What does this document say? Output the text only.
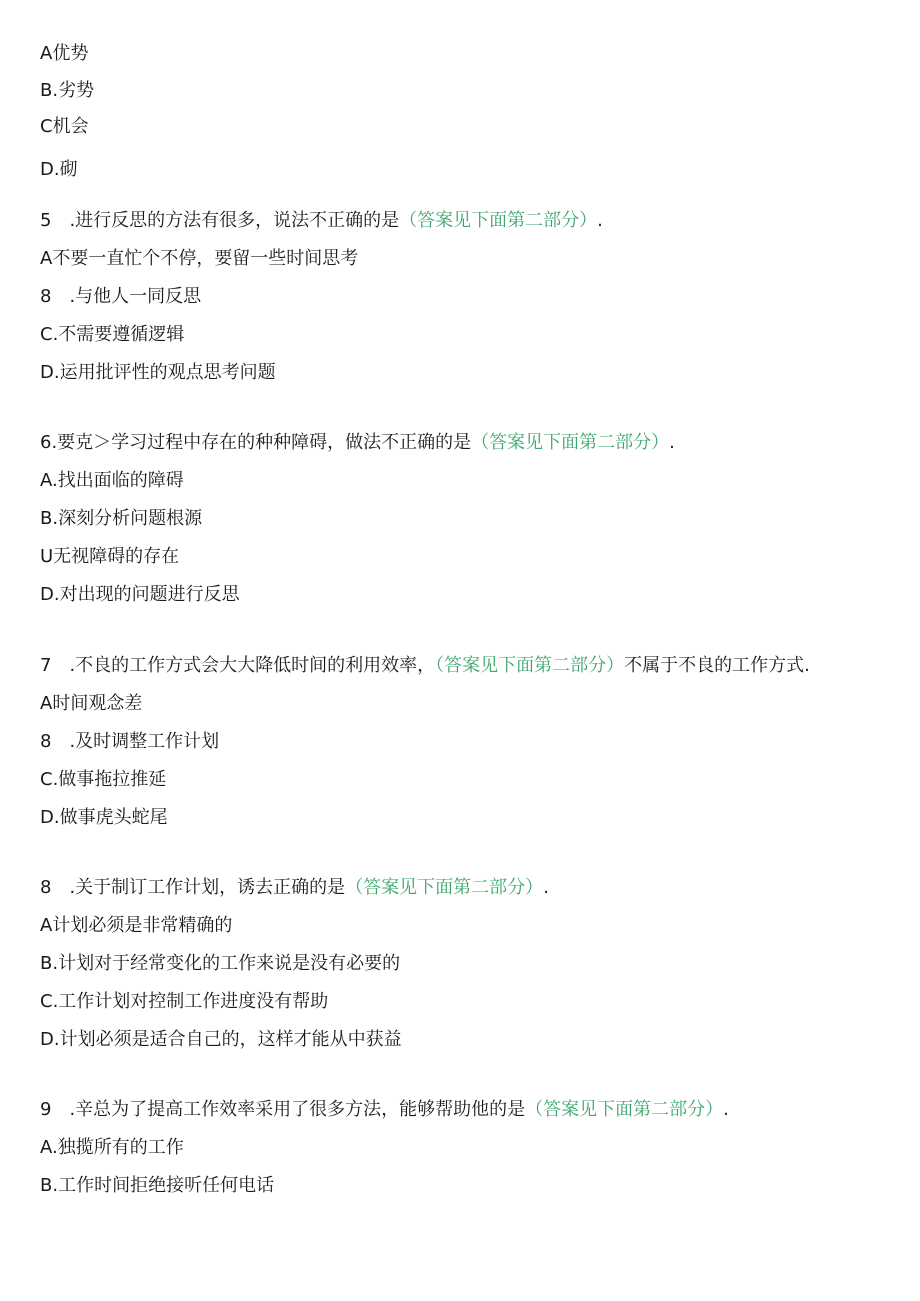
A优势
B.劣势
C机会
D.砌
5　.进行反思的方法有很多，说法不正确的是（答案见下面第二部分）.
A不要一直忙个不停，要留一些时间思考
8　.与他人一同反思
C.不需要遵循逻辑
D.运用批评性的观点思考问题
6.要克＞学习过程中存在的种种障碍，做法不正确的是（答案见下面第二部分）.
A.找出面临的障碍
B.深刻分析问题根源
U无视障碍的存在
D.对出现的问题进行反思
7　.不良的工作方式会大大降低时间的利用效率，（答案见下面第二部分）不属于不良的工作方式.
A时间观念差
8　.及时调整工作计划
C.做事拖拉推延
D.做事虎头蛇尾
8　.关于制订工作计划，诱去正确的是（答案见下面第二部分）.
A计划必须是非常精确的
B.计划对于经常变化的工作来说是没有必要的
C.工作计划对控制工作进度没有帮助
D.计划必须是适合自己的，这样才能从中获益
9　.辛总为了提高工作效率采用了很多方法，能够帮助他的是（答案见下面第二部分）.
A.独揽所有的工作
B.工作时间拒绝接听任何电话
